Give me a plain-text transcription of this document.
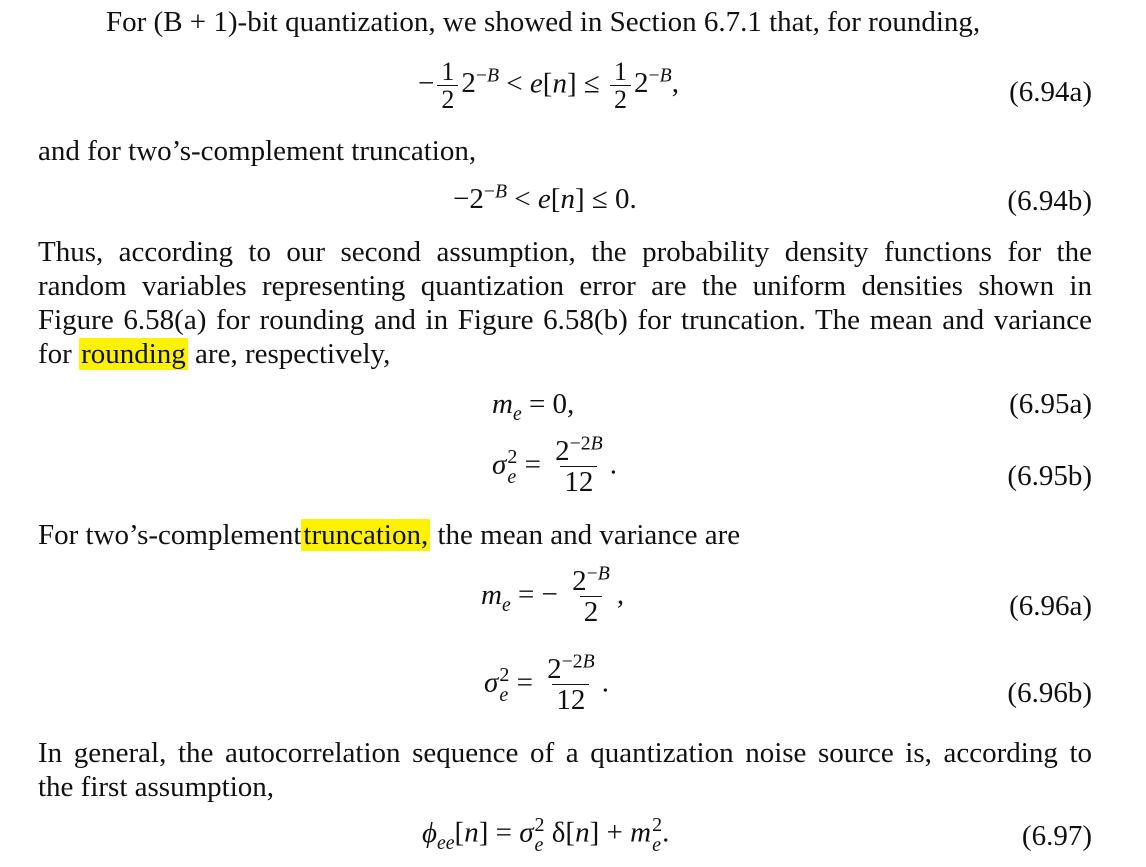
For (B + 1)-bit quantization, we showed in Section 6.7.1 that, for rounding,
− $\frac{1}{2} 2^{-B} < e[n] \le \frac{1}{2} 2^{-B}$,	(6.94a)
and for two’s-complement truncation,
$-2^{-B} < e[n] \le 0$.	(6.94b)
Thus, according to our second assumption, the probability density functions for the
random variables representing quantization error are the uniform densities shown in
Figure 6.58(a) for rounding and in Figure 6.58(b) for truncation. The mean and variance
for rounding are, respectively,
$m_e = 0$,	(6.95a)
σ 2
$e = \frac{2^{-2B}}{12}$ .	(6.95b)
For two’s-complementtruncation, the mean and variance are
$m_e$ = − $\frac{2^{-B}}{2}$ ,	(6.96a)
σ 2
$e = \frac{2^{-2B}}{12}$ .	(6.96b)
In general, the autocorrelation sequence of a quantization noise source is, according to
the first assumption,
$\phi_{ee}[n] = \sigma$ 2
e δ[n] + m 2
e .	(6.97)
